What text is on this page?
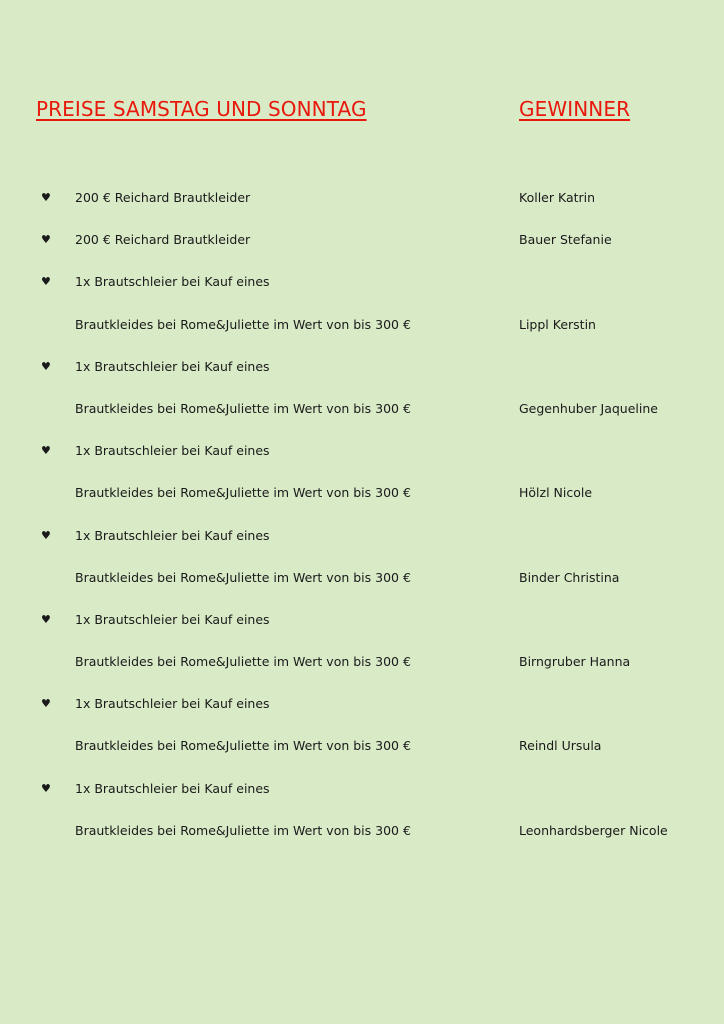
PREISE SAMSTAG UND SONNTAG	GEWINNER
♥ 200 € Reichard Brautkleider	Koller Katrin
♥ 200 € Reichard Brautkleider	Bauer Stefanie
♥ 1x Brautschleier bei Kauf eines
Brautkleides bei Rome&Juliette im Wert von bis 300 €	Lippl Kerstin
♥ 1x Brautschleier bei Kauf eines
Brautkleides bei Rome&Juliette im Wert von bis 300 €	Gegenhuber Jaqueline
♥ 1x Brautschleier bei Kauf eines
Brautkleides bei Rome&Juliette im Wert von bis 300 €	Hölzl Nicole
♥ 1x Brautschleier bei Kauf eines
Brautkleides bei Rome&Juliette im Wert von bis 300 €	Binder Christina
♥ 1x Brautschleier bei Kauf eines
Brautkleides bei Rome&Juliette im Wert von bis 300 €	Birngruber Hanna
♥ 1x Brautschleier bei Kauf eines
Brautkleides bei Rome&Juliette im Wert von bis 300 €	Reindl Ursula
♥ 1x Brautschleier bei Kauf eines
Brautkleides bei Rome&Juliette im Wert von bis 300 €	Leonhardsberger Nicole
